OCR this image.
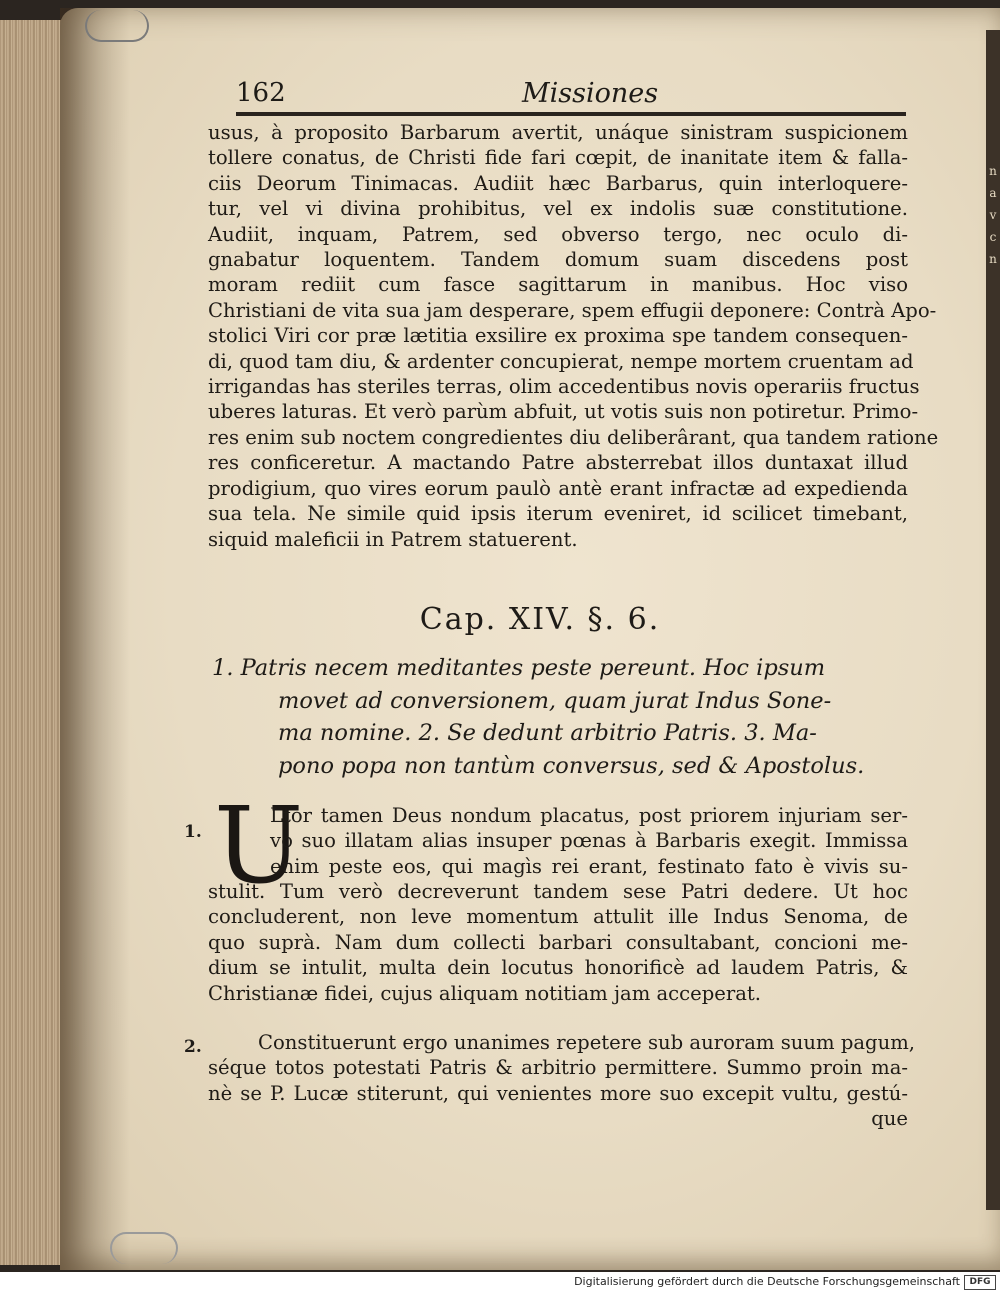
n
a
v
c
n
162	Missiones
usus, à proposito Barbarum avertit, unáque sinistram suspicionem
tollere conatus, de Christi fide fari cœpit, de inanitate item & falla-
ciis Deorum Tinimacas. Audiit hæc Barbarus, quin interloquere-
tur, vel vi divina prohibitus, vel ex indolis suæ constitutione.
Audiit, inquam, Patrem, sed obverso tergo, nec oculo di-
gnabatur loquentem. Tandem domum suam discedens post
moram rediit cum fasce sagittarum in manibus. Hoc viso
Christiani de vita sua jam desperare, spem effugii deponere: Contrà Apo-
stolici Viri cor præ lætitia exsilire ex proxima spe tandem consequen-
di, quod tam diu, & ardenter concupierat, nempe mortem cruentam ad
irrigandas has steriles terras, olim accedentibus novis operariis fructus
uberes laturas. Et verò parùm abfuit, ut votis suis non potiretur. Primo-
res enim sub noctem congredientes diu deliberârant, qua tandem ratione
res conficeretur. A mactando Patre absterrebat illos duntaxat illud
prodigium, quo vires eorum paulò antè erant infractæ ad expedienda
sua tela. Ne simile quid ipsis iterum eveniret, id scilicet timebant,
siquid maleficii in Patrem statuerent.
Cap. XIV. §. 6.
1. Patris necem meditantes peste pereunt. Hoc ipsum
movet ad conversionem, quam jurat Indus Sone-
ma nomine. 2. Se dedunt arbitrio Patris. 3. Ma-
pono popa non tantùm conversus, sed & Apostolus.
1. U
Ltor tamen Deus nondum placatus, post priorem injuriam ser-
vo suo illatam alias insuper pœnas à Barbaris exegit. Immissa
enim peste eos, qui magìs rei erant, festinato fato è vivis su-
stulit. Tum verò decreverunt tandem sese Patri dedere. Ut hoc
concluderent, non leve momentum attulit ille Indus Senoma, de
quo suprà. Nam dum collecti barbari consultabant, concioni me-
dium se intulit, multa dein locutus honorificè ad laudem Patris, &
Christianæ fidei, cujus aliquam notitiam jam acceperat.
2.	Constituerunt ergo unanimes repetere sub auroram suum pagum,
séque totos potestati Patris & arbitrio permittere. Summo proin ma-
nè se P. Lucæ stiterunt, qui venientes more suo excepit vultu, gestú-
que
Digitalisierung gefördert durch die Deutsche Forschungsgemeinschaft	DFG
